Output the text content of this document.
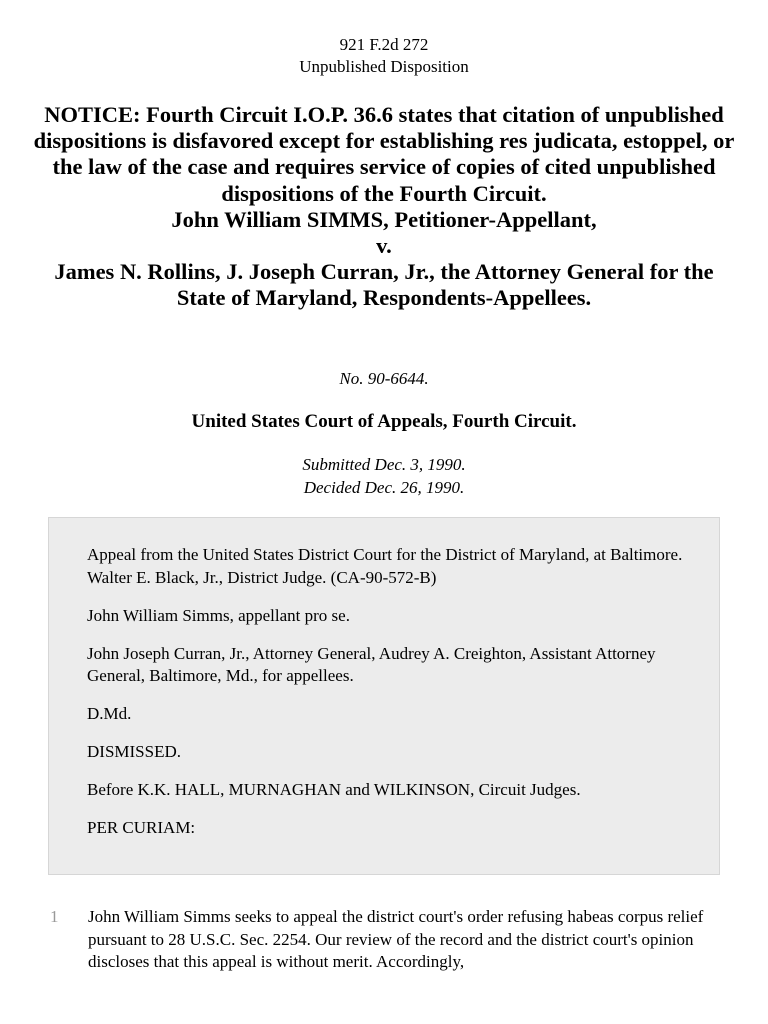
921 F.2d 272
Unpublished Disposition
NOTICE: Fourth Circuit I.O.P. 36.6 states that citation of unpublished dispositions is disfavored except for establishing res judicata, estoppel, or the law of the case and requires service of copies of cited unpublished dispositions of the Fourth Circuit.
John William SIMMS, Petitioner-Appellant,
v.
James N. Rollins, J. Joseph Curran, Jr., the Attorney General for the State of Maryland, Respondents-Appellees.
No. 90-6644.
United States Court of Appeals, Fourth Circuit.
Submitted Dec. 3, 1990.
Decided Dec. 26, 1990.

Appeal from the United States District Court for the District of Maryland, at Baltimore. Walter E. Black, Jr., District Judge. (CA-90-572-B)

John William Simms, appellant pro se.

John Joseph Curran, Jr., Attorney General, Audrey A. Creighton, Assistant Attorney General, Baltimore, Md., for appellees.

D.Md.

DISMISSED.

Before K.K. HALL, MURNAGHAN and WILKINSON, Circuit Judges.

PER CURIAM:

1 John William Simms seeks to appeal the district court's order refusing habeas corpus relief pursuant to 28 U.S.C. Sec. 2254. Our review of the record and the district court's opinion discloses that this appeal is without merit. Accordingly,
